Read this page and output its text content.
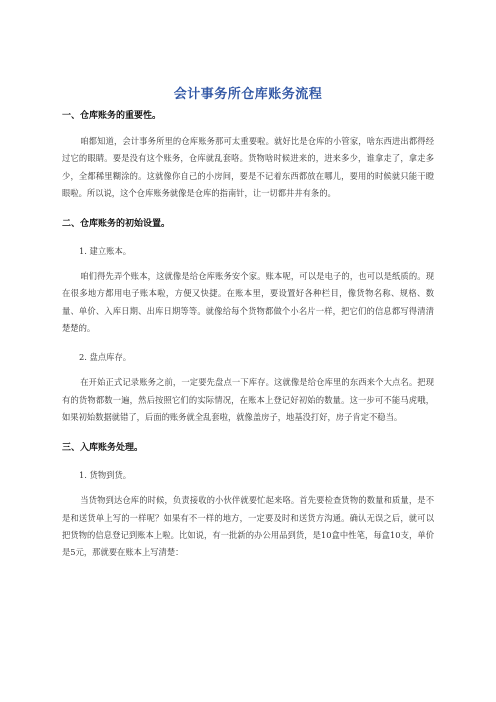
会计事务所仓库账务流程

一、仓库账务的重要性。

咱都知道，会计事务所里的仓库账务那可太重要啦。就好比是仓库的小管家，啥东西进出都得经过它的眼睛。要是没有这个账务，仓库就乱套咯。货物啥时候进来的，进来多少，谁拿走了，拿走多少，全都稀里糊涂的。这就像你自己的小房间，要是不记着东西都放在哪儿，要用的时候就只能干瞪眼啦。所以说，这个仓库账务就像是仓库的指南针，让一切都井井有条的。

二、仓库账务的初始设置。

1. 建立账本。

咱们得先弄个账本，这就像是给仓库账务安个家。账本呢，可以是电子的，也可以是纸质的。现在很多地方都用电子账本啦，方便又快捷。在账本里，要设置好各种栏目，像货物名称、规格、数量、单价、入库日期、出库日期等等。就像给每个货物都做个小名片一样，把它们的信息都写得清清楚楚的。

2. 盘点库存。

在开始正式记录账务之前，一定要先盘点一下库存。这就像是给仓库里的东西来个大点名。把现有的货物都数一遍，然后按照它们的实际情况，在账本上登记好初始的数量。这一步可不能马虎哦，如果初始数据就错了，后面的账务就全乱套啦，就像盖房子，地基没打好，房子肯定不稳当。

三、入库账务处理。

1. 货物到货。

当货物到达仓库的时候，负责接收的小伙伴就要忙起来咯。首先要检查货物的数量和质量，是不是和送货单上写的一样呢？如果有不一样的地方，一定要及时和送货方沟通。确认无误之后，就可以把货物的信息登记到账本上啦。比如说，有一批新的办公用品到货，是10盒中性笔，每盒10支，单价是5元，那就要在账本上写清楚：
